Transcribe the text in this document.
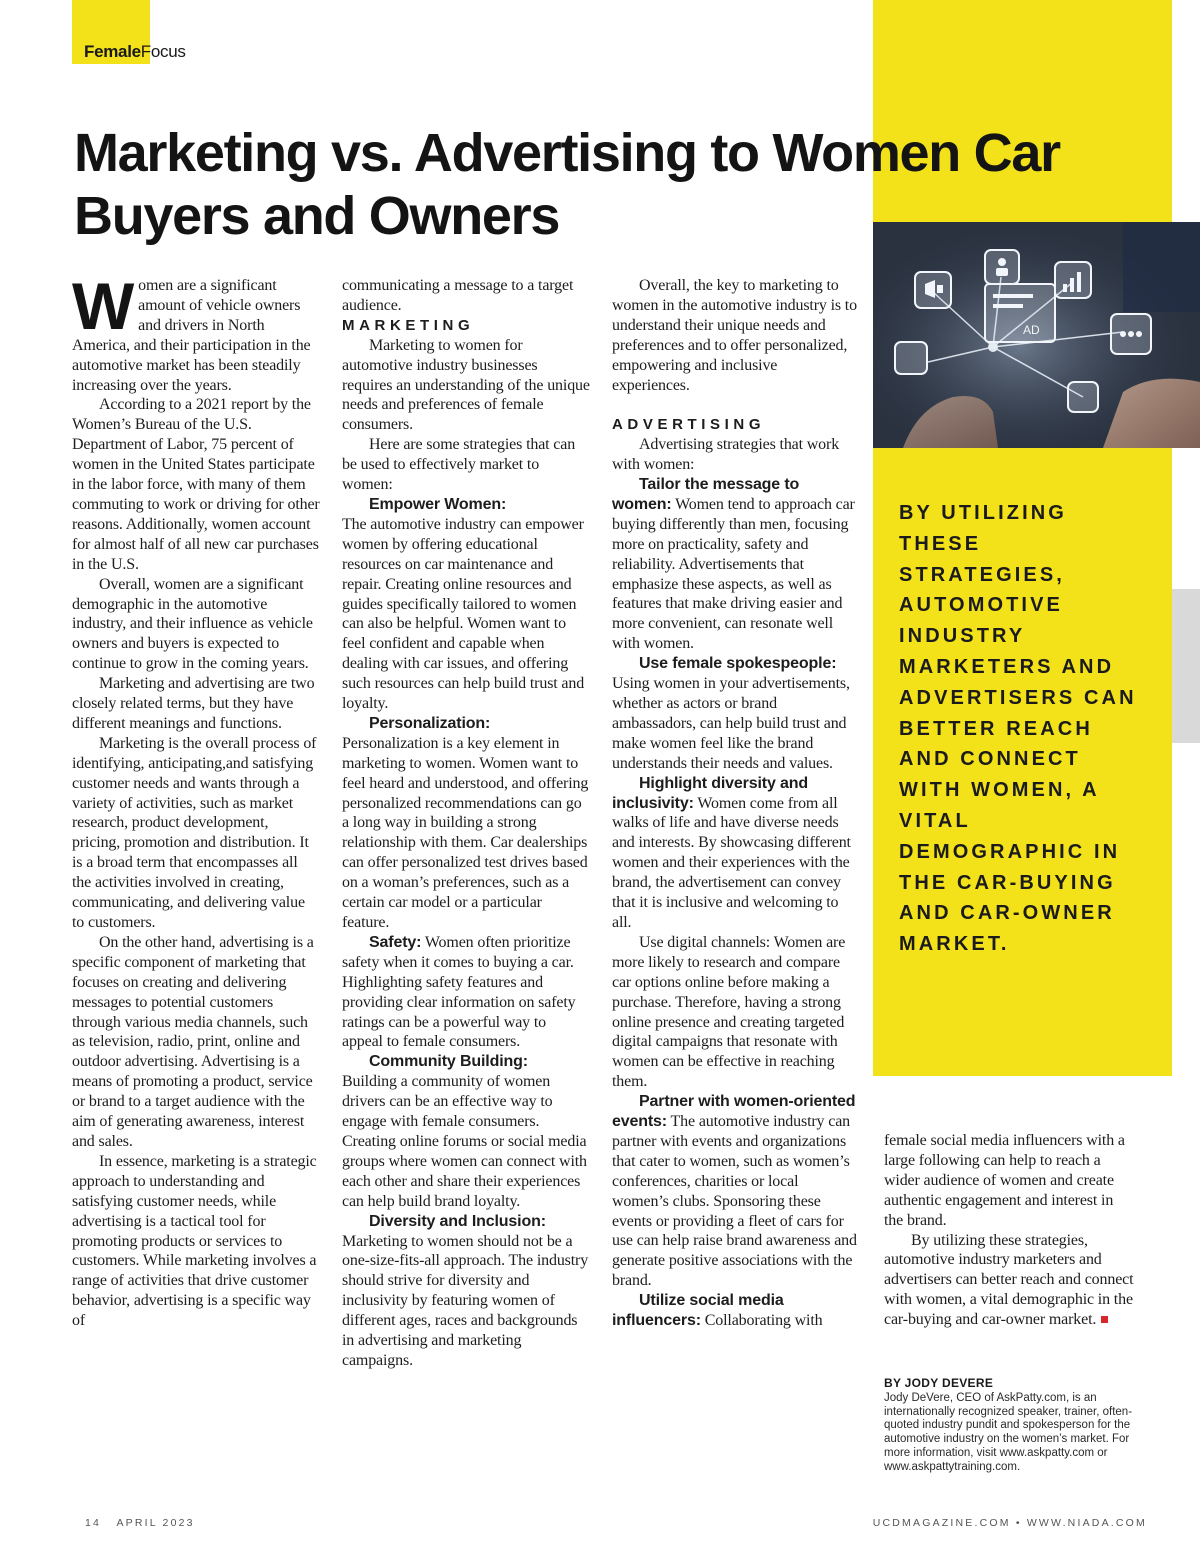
FemaleFocus
Marketing vs. Advertising to Women Car Buyers and Owners
AD

Women are a significant amount of vehicle owners and drivers in North America, and their participation in the automotive market has been steadily increasing over the years.

According to a 2021 report by the Women’s Bureau of the U.S. Department of Labor, 75 percent of women in the United States participate in the labor force, with many of them commuting to work or driving for other reasons. Additionally, women account for almost half of all new car purchases in the U.S.

Overall, women are a significant demographic in the automotive industry, and their influence as vehicle owners and buyers is expected to continue to grow in the coming years.

Marketing and advertising are two closely related terms, but they have different meanings and functions.

Marketing is the overall process of identifying, anticipating,and satisfying customer needs and wants through a variety of activities, such as market research, product development, pricing, promotion and distribution. It is a broad term that encompasses all the activities involved in creating, communicating, and delivering value to customers.

On the other hand, advertising is a specific component of marketing that focuses on creating and delivering messages to potential customers through various media channels, such as television, radio, print, online and outdoor advertising. Advertising is a means of promoting a product, service or brand to a target audience with the aim of generating awareness, interest and sales.

In essence, marketing is a strategic approach to understanding and satisfying customer needs, while advertising is a tactical tool for promoting products or services to customers. While marketing involves a range of activities that drive customer behavior, advertising is a specific way of

communicating a message to a target audience.

MARKETING

Marketing to women for automotive industry businesses requires an understanding of the unique needs and preferences of female consumers.

Here are some strategies that can be used to effectively market to women:

Empower Women:

The automotive industry can empower women by offering educational resources on car maintenance and repair. Creating online resources and guides specifically tailored to women can also be helpful. Women want to feel confident and capable when dealing with car issues, and offering such resources can help build trust and loyalty.

Personalization:

Personalization is a key element in marketing to women. Women want to feel heard and understood, and offering personalized recommendations can go a long way in building a strong relationship with them. Car dealerships can offer personalized test drives based on a woman’s preferences, such as a certain car model or a particular feature.

Safety: Women often prioritize safety when it comes to buying a car. Highlighting safety features and providing clear information on safety ratings can be a powerful way to appeal to female consumers.

Community Building:

Building a community of women drivers can be an effective way to engage with female consumers. Creating online forums or social media groups where women can connect with each other and share their experiences can help build brand loyalty.

Diversity and Inclusion:

Marketing to women should not be a one-size-fits-all approach. The industry should strive for diversity and inclusivity by featuring women of different ages, races and backgrounds in advertising and marketing campaigns.

Overall, the key to marketing to women in the automotive industry is to understand their unique needs and preferences and to offer personalized, empowering and inclusive experiences.

ADVERTISING

Advertising strategies that work with women:

Tailor the message to women: Women tend to approach car buying differently than men, focusing more on practicality, safety and reliability. Advertisements that emphasize these aspects, as well as features that make driving easier and more convenient, can resonate well with women.

Use female spokespeople: Using women in your advertisements, whether as actors or brand ambassadors, can help build trust and make women feel like the brand understands their needs and values.

Highlight diversity and inclusivity: Women come from all walks of life and have diverse needs and interests. By showcasing different women and their experiences with the brand, the advertisement can convey that it is inclusive and welcoming to all.

Use digital channels: Women are more likely to research and compare car options online before making a purchase. Therefore, having a strong online presence and creating targeted digital campaigns that resonate with women can be effective in reaching them.

Partner with women-oriented events: The automotive industry can partner with events and organizations that cater to women, such as women’s conferences, charities or local women’s clubs. Sponsoring these events or providing a fleet of cars for use can help raise brand awareness and generate positive associations with the brand.

Utilize social media influencers: Collaborating with

BY UTILIZING THESE STRATEGIES, AUTOMOTIVE INDUSTRY MARKETERS AND ADVERTISERS CAN BETTER REACH AND CONNECT WITH WOMEN, A VITAL DEMOGRAPHIC IN THE CAR-BUYING AND CAR-OWNER MARKET.

female social media influencers with a large following can help to reach a wider audience of women and create authentic engagement and interest in the brand.

By utilizing these strategies, automotive industry marketers and advertisers can better reach and connect with women, a vital demographic in the car-buying and car-owner market.

BY JODY DEVERE

Jody DeVere, CEO of AskPatty.com, is an internationally recognized speaker, trainer, often-quoted industry pundit and spokesperson for the automotive industry on the women’s market. For more information, visit www.askpatty.com or www.askpattytraining.com.

14 APRIL 2023	UCDMAGAZINE.COM • WWW.NIADA.COM
